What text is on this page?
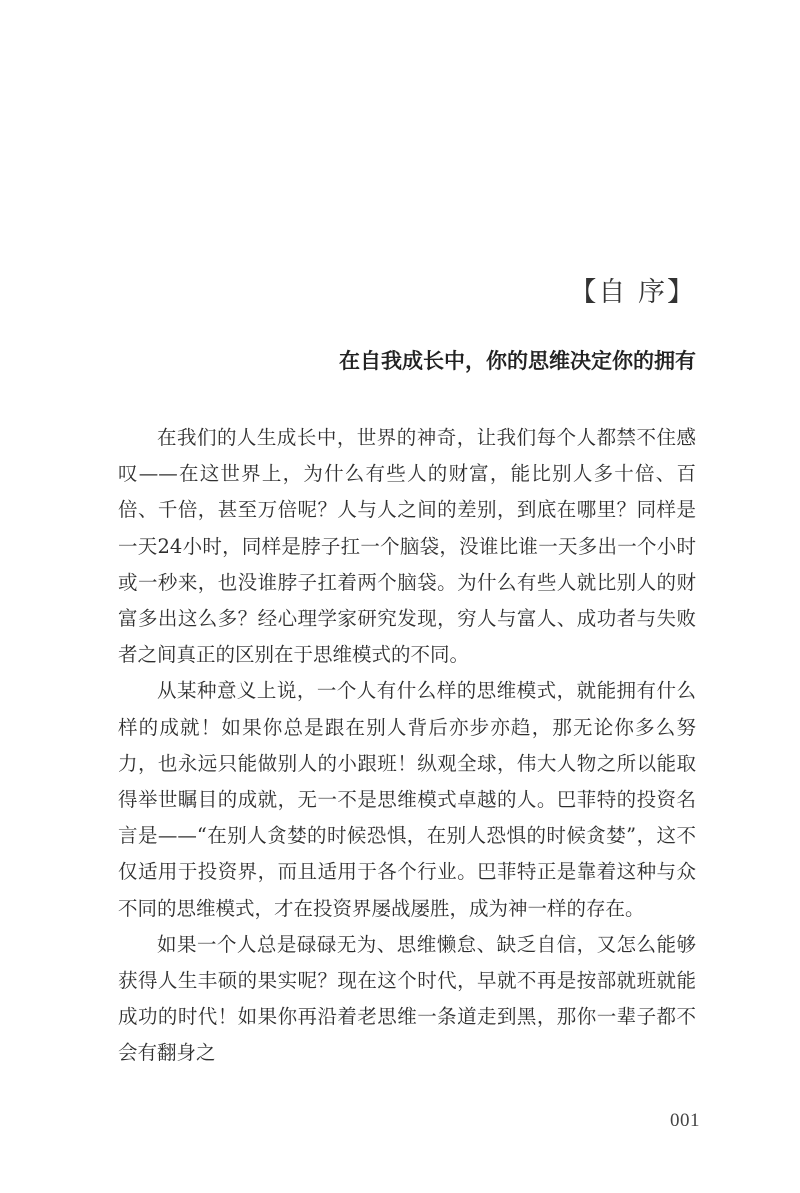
【自 序】
在自我成长中，你的思维决定你的拥有

在我们的人生成长中，世界的神奇，让我们每个人都禁不住感叹——在这世界上，为什么有些人的财富，能比别人多十倍、百倍、千倍，甚至万倍呢？人与人之间的差别，到底在哪里？同样是一天24小时，同样是脖子扛一个脑袋，没谁比谁一天多出一个小时或一秒来，也没谁脖子扛着两个脑袋。为什么有些人就比别人的财富多出这么多？经心理学家研究发现，穷人与富人、成功者与失败者之间真正的区别在于思维模式的不同。

从某种意义上说，一个人有什么样的思维模式，就能拥有什么样的成就！如果你总是跟在别人背后亦步亦趋，那无论你多么努力，也永远只能做别人的小跟班！纵观全球，伟大人物之所以能取得举世瞩目的成就，无一不是思维模式卓越的人。巴菲特的投资名言是——“在别人贪婪的时候恐惧，在别人恐惧的时候贪婪”，这不仅适用于投资界，而且适用于各个行业。巴菲特正是靠着这种与众不同的思维模式，才在投资界屡战屡胜，成为神一样的存在。

如果一个人总是碌碌无为、思维懒怠、缺乏自信，又怎么能够获得人生丰硕的果实呢？现在这个时代，早就不再是按部就班就能成功的时代！如果你再沿着老思维一条道走到黑，那你一辈子都不会有翻身之

001
